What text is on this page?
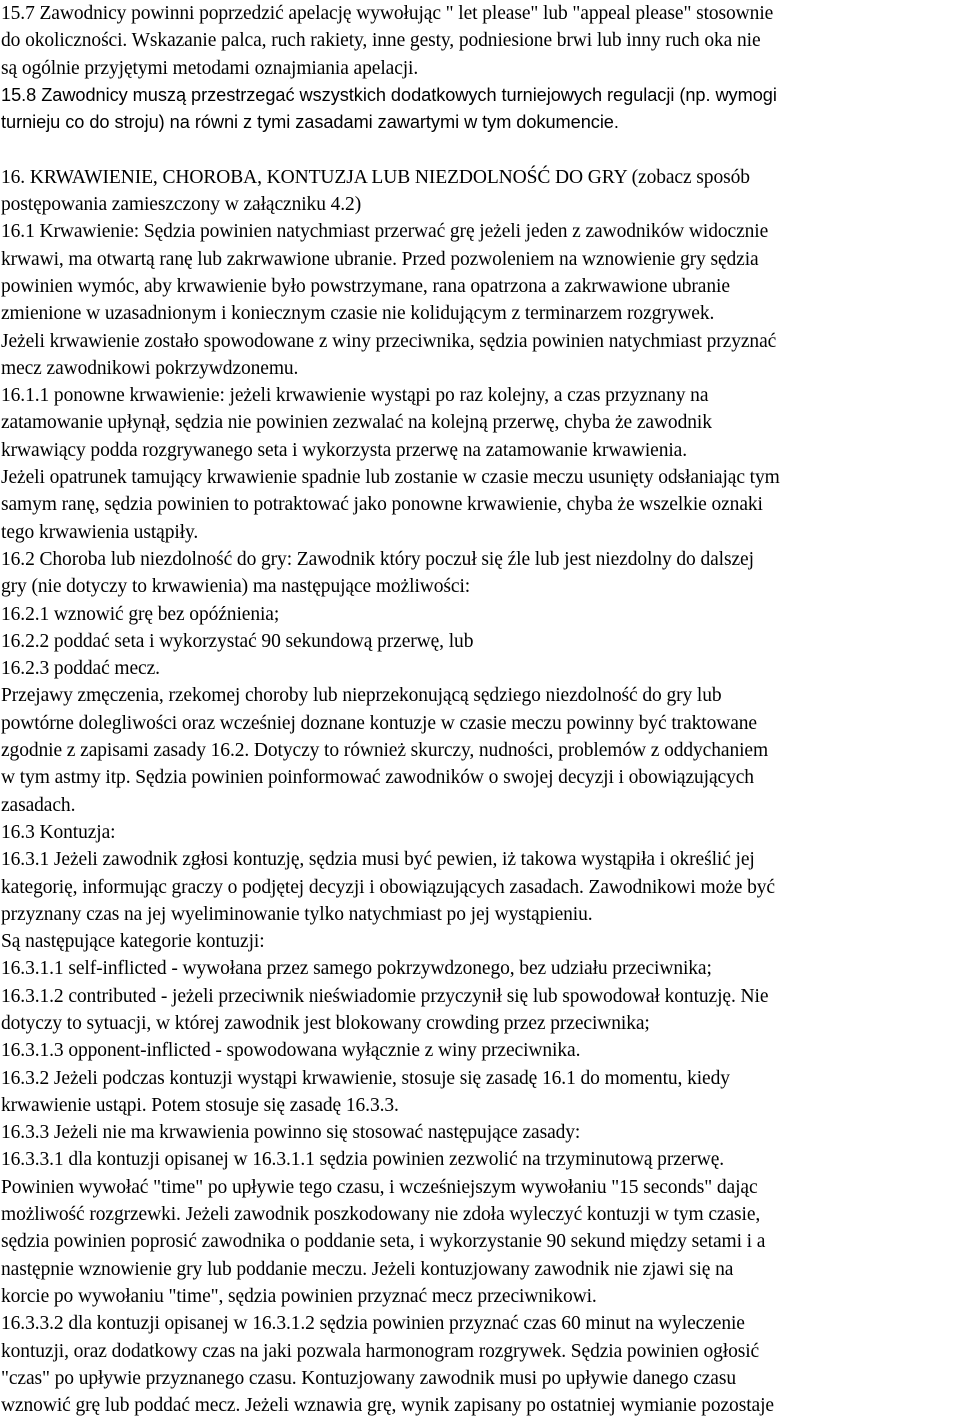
15.7 Zawodnicy powinni poprzedzić apelację wywołując " let please" lub "appeal please" stosownie
do okoliczności. Wskazanie palca, ruch rakiety, inne gesty, podniesione brwi lub inny ruch oka nie
są ogólnie przyjętymi metodami oznajmiania apelacji.
15.8 Zawodnicy muszą przestrzegać wszystkich dodatkowych turniejowych regulacji (np. wymogi
turnieju co do stroju) na równi z tymi zasadami zawartymi w tym dokumencie.
16. KRWAWIENIE, CHOROBA, KONTUZJA LUB NIEZDOLNOŚĆ DO GRY (zobacz sposób
postępowania zamieszczony w załączniku 4.2)
16.1 Krwawienie: Sędzia powinien natychmiast przerwać grę jeżeli jeden z zawodników widocznie
krwawi, ma otwartą ranę lub zakrwawione ubranie. Przed pozwoleniem na wznowienie gry sędzia
powinien wymóc, aby krwawienie było powstrzymane, rana opatrzona a zakrwawione ubranie
zmienione w uzasadnionym i koniecznym czasie nie kolidującym z terminarzem rozgrywek.
Jeżeli krwawienie zostało spowodowane z winy przeciwnika, sędzia powinien natychmiast przyznać
mecz zawodnikowi pokrzywdzonemu.
16.1.1 ponowne krwawienie: jeżeli krwawienie wystąpi po raz kolejny, a czas przyznany na
zatamowanie upłynął, sędzia nie powinien zezwalać na kolejną przerwę, chyba że zawodnik
krwawiący podda rozgrywanego seta i wykorzysta przerwę na zatamowanie krwawienia.
Jeżeli opatrunek tamujący krwawienie spadnie lub zostanie w czasie meczu usunięty odsłaniając tym
samym ranę, sędzia powinien to potraktować jako ponowne krwawienie, chyba że wszelkie oznaki
tego krwawienia ustąpiły.
16.2 Choroba lub niezdolność do gry: Zawodnik który poczuł się źle lub jest niezdolny do dalszej
gry (nie dotyczy to krwawienia) ma następujące możliwości:
16.2.1 wznowić grę bez opóźnienia;
16.2.2 poddać seta i wykorzystać 90 sekundową przerwę, lub
16.2.3 poddać mecz.
Przejawy zmęczenia, rzekomej choroby lub nieprzekonującą sędziego niezdolność do gry lub
powtórne dolegliwości oraz wcześniej doznane kontuzje w czasie meczu powinny być traktowane
zgodnie z zapisami zasady 16.2. Dotyczy to również skurczy, nudności, problemów z oddychaniem
w tym astmy itp. Sędzia powinien poinformować zawodników o swojej decyzji i obowiązujących
zasadach.
16.3 Kontuzja:
16.3.1 Jeżeli zawodnik zgłosi kontuzję, sędzia musi być pewien, iż takowa wystąpiła i określić jej
kategorię, informując graczy o podjętej decyzji i obowiązujących zasadach. Zawodnikowi może być
przyznany czas na jej wyeliminowanie tylko natychmiast po jej wystąpieniu.
Są następujące kategorie kontuzji:
16.3.1.1 self-inflicted - wywołana przez samego pokrzywdzonego, bez udziału przeciwnika;
16.3.1.2 contributed - jeżeli przeciwnik nieświadomie przyczynił się lub spowodował kontuzję. Nie
dotyczy to sytuacji, w której zawodnik jest blokowany crowding przez przeciwnika;
16.3.1.3 opponent-inflicted - spowodowana wyłącznie z winy przeciwnika.
16.3.2 Jeżeli podczas kontuzji wystąpi krwawienie, stosuje się zasadę 16.1 do momentu, kiedy
krwawienie ustąpi. Potem stosuje się zasadę 16.3.3.
16.3.3 Jeżeli nie ma krwawienia powinno się stosować następujące zasady:
16.3.3.1 dla kontuzji opisanej w 16.3.1.1 sędzia powinien zezwolić na trzyminutową przerwę.
Powinien wywołać "time" po upływie tego czasu, i wcześniejszym wywołaniu "15 seconds" dając
możliwość rozgrzewki. Jeżeli zawodnik poszkodowany nie zdoła wyleczyć kontuzji w tym czasie,
sędzia powinien poprosić zawodnika o poddanie seta, i wykorzystanie 90 sekund między setami i a
następnie wznowienie gry lub poddanie meczu. Jeżeli kontuzjowany zawodnik nie zjawi się na
korcie po wywołaniu "time", sędzia powinien przyznać mecz przeciwnikowi.
16.3.3.2 dla kontuzji opisanej w 16.3.1.2 sędzia powinien przyznać czas 60 minut na wyleczenie
kontuzji, oraz dodatkowy czas na jaki pozwala harmonogram rozgrywek. Sędzia powinien ogłosić
"czas" po upływie przyznanego czasu. Kontuzjowany zawodnik musi po upływie danego czasu
wznowić grę lub poddać mecz. Jeżeli wznawia grę, wynik zapisany po ostatniej wymianie pozostaje
